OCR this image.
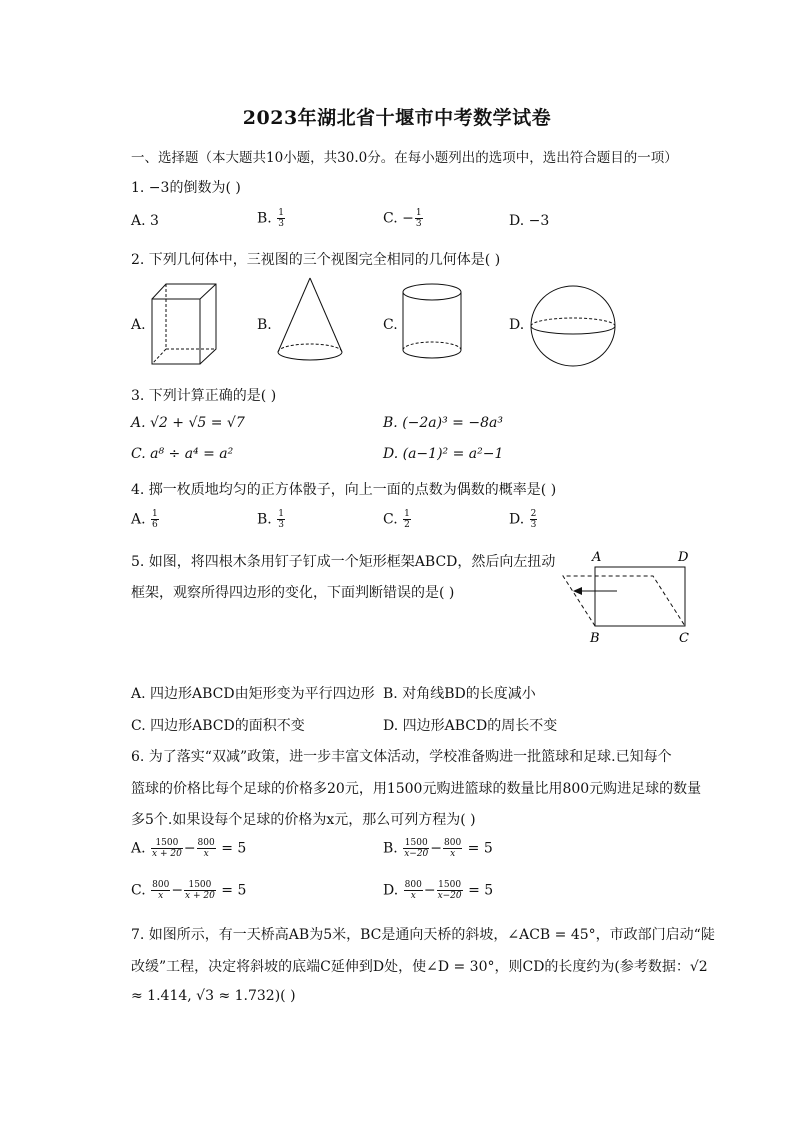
2023年湖北省十堰市中考数学试卷
一、选择题（本大题共10小题，共30.0分。在每小题列出的选项中，选出符合题目的一项）
1. −3的倒数为( )
A. 3	B. $\frac{1}{3}$	C. − $\frac{1}{3}$	D. −3
2. 下列几何体中，三视图的三个视图完全相同的几何体是( )
A.	B.	C.	D.
3. 下列计算正确的是( )
A. √2 + √5 = √7	B. (−2a)³ = −8a³
C. a⁸ ÷ a⁴ = a²	D. (a−1)² = a²−1
4. 掷一枚质地均匀的正方体骰子，向上一面的点数为偶数的概率是( )
A. $\frac{1}{6}$	B. $\frac{1}{3}$	C. $\frac{1}{2}$	D. $\frac{2}{3}$
5. 如图，将四根木条用钉子钉成一个矩形框架ABCD，然后向左扭动
框架，观察所得四边形的变化，下面判断错误的是( )
A	D
B	C
A. 四边形ABCD由矩形变为平行四边形 B. 对角线BD的长度减小
C. 四边形ABCD的面积不变	D. 四边形ABCD的周长不变
6. 为了落实“双减”政策，进一步丰富文体活动，学校准备购进一批篮球和足球.已知每个
篮球的价格比每个足球的价格多20元，用1500元购进篮球的数量比用800元购进足球的数量
多5个.如果设每个足球的价格为x元，那么可列方程为( )
A. $\frac{1500}{x + 20} - \frac{800}{x} = 5$	B. $\frac{1500}{x-20} - \frac{800}{x} = 5$
C. $\frac{800}{x} - \frac{1500}{x + 20} = 5$	D. $\frac{800}{x} - \frac{1500}{x-20} = 5$
7. 如图所示，有一天桥高AB为5米，BC是通向天桥的斜坡，∠ACB = 45°，市政部门启动“陡
改缓”工程，决定将斜坡的底端C延伸到D处，使∠D = 30°，则CD的长度约为(参考数据：√2
≈ 1.414, √3 ≈ 1.732)( )
